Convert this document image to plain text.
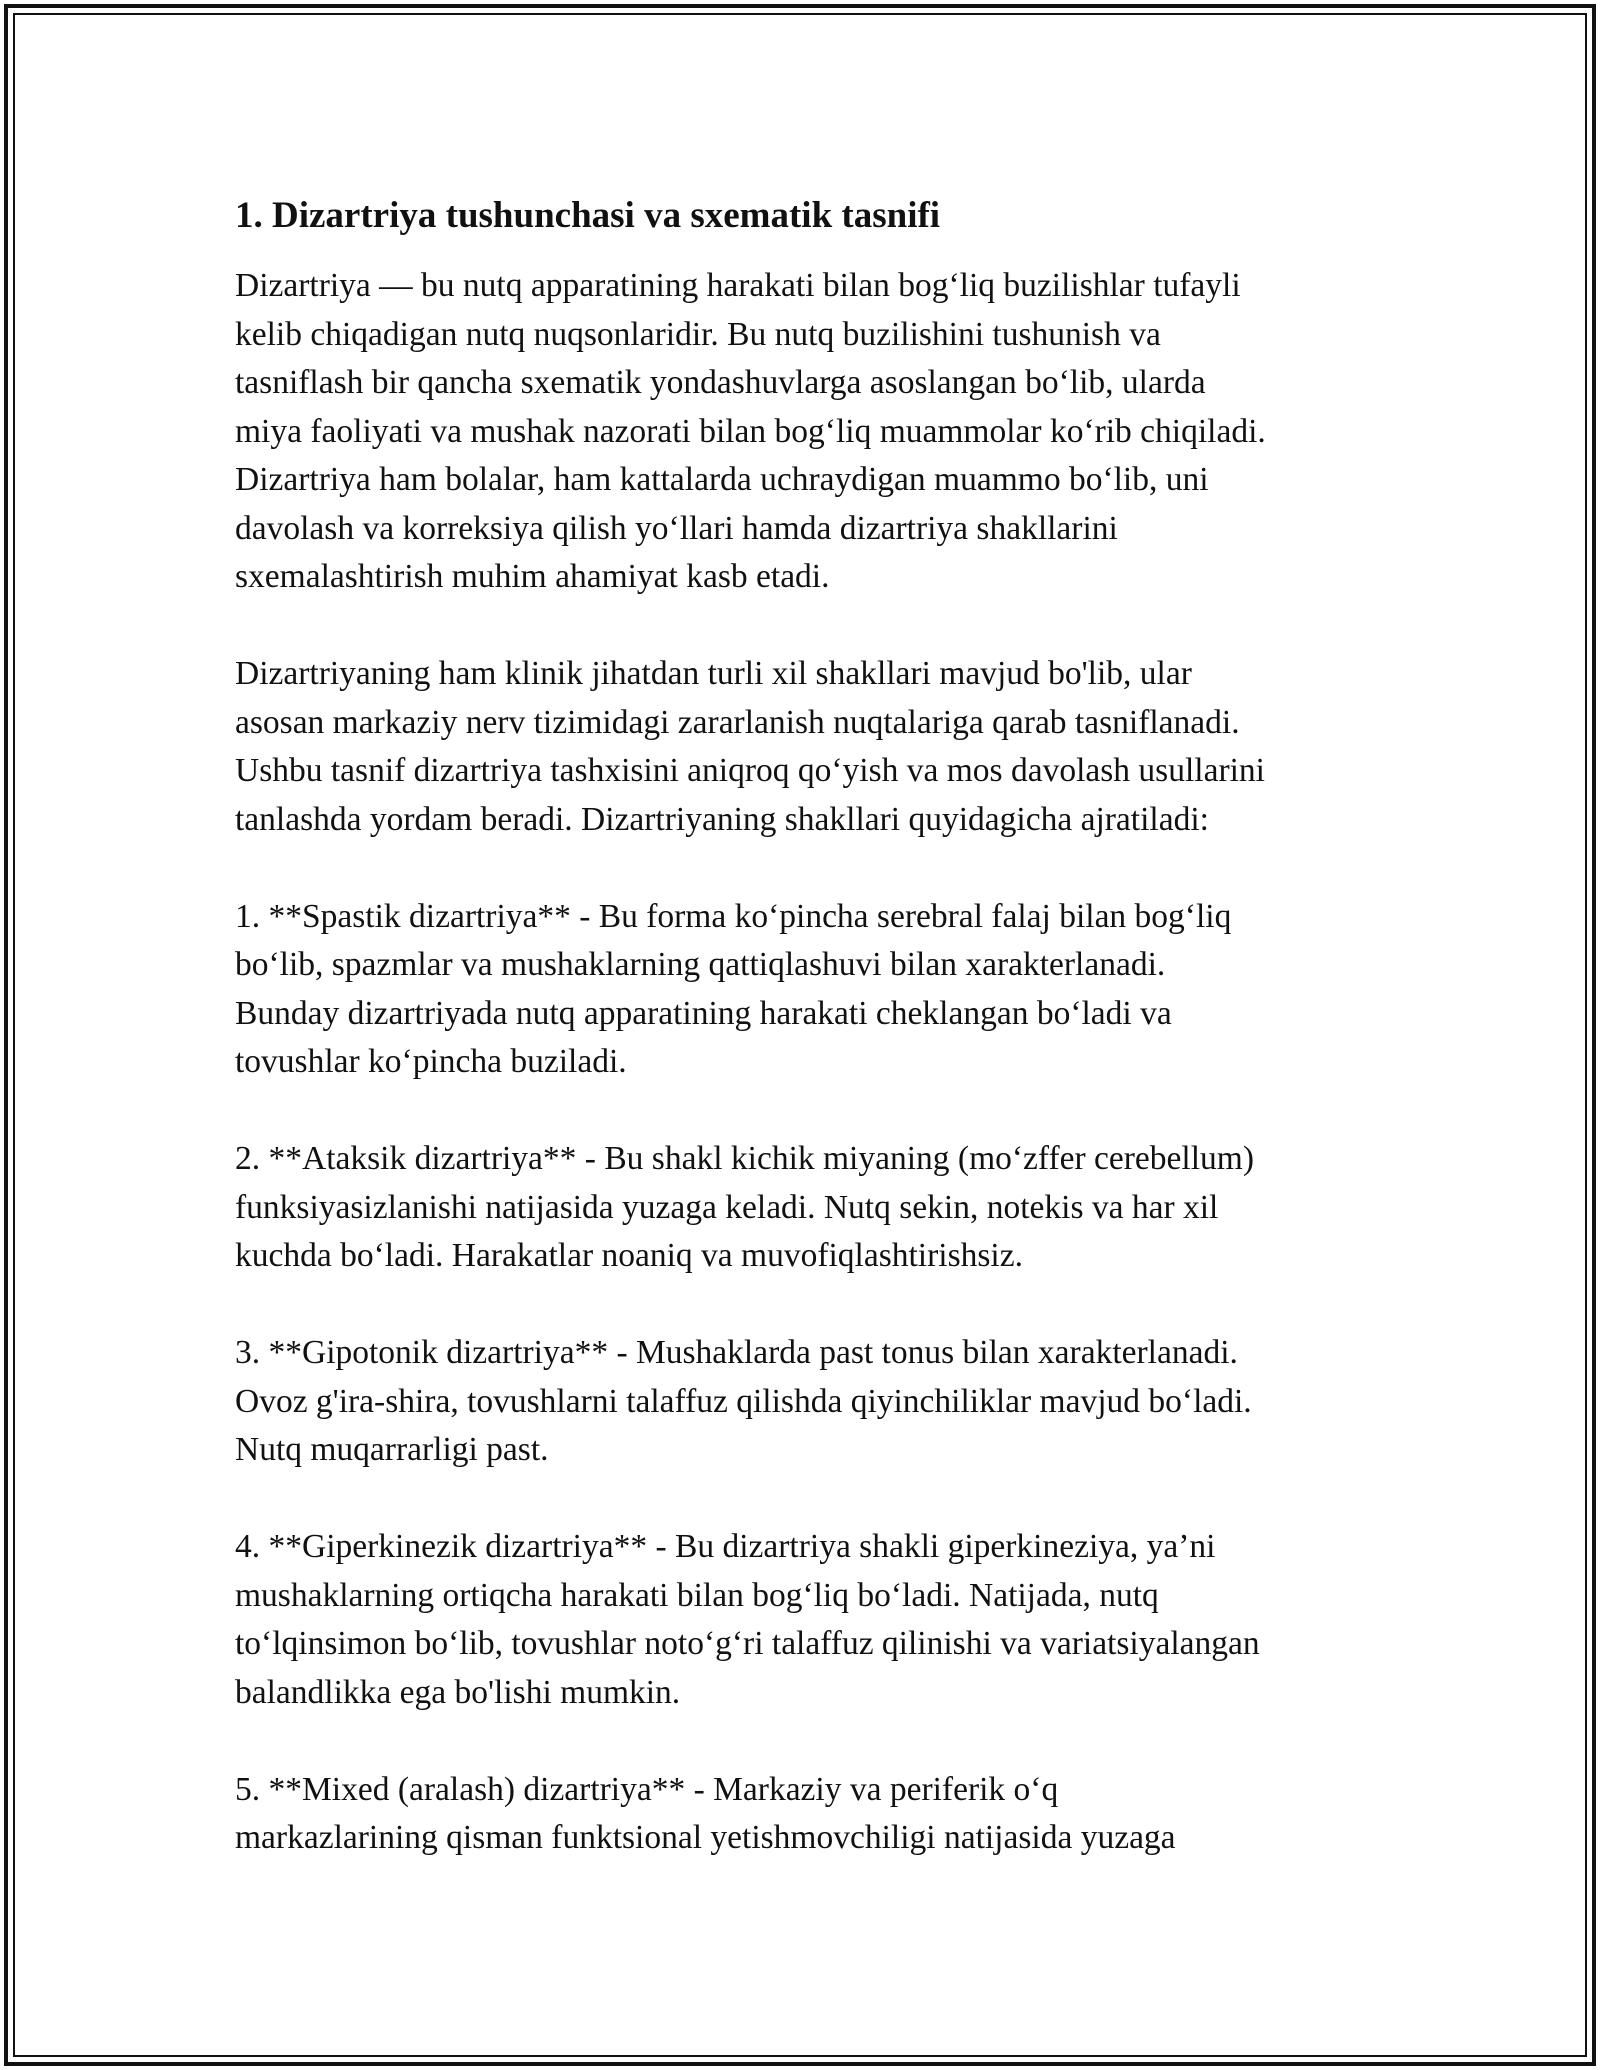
1. Dizartriya tushunchasi va sxematik tasnifi

Dizartriya — bu nutq apparatining harakati bilan bog‘liq buzilishlar tufayli
kelib chiqadigan nutq nuqsonlaridir. Bu nutq buzilishini tushunish va
tasniflash bir qancha sxematik yondashuvlarga asoslangan bo‘lib, ularda
miya faoliyati va mushak nazorati bilan bog‘liq muammolar ko‘rib chiqiladi.
Dizartriya ham bolalar, ham kattalarda uchraydigan muammo bo‘lib, uni
davolash va korreksiya qilish yo‘llari hamda dizartriya shakllarini
sxemalashtirish muhim ahamiyat kasb etadi.

Dizartriyaning ham klinik jihatdan turli xil shakllari mavjud bo'lib, ular
asosan markaziy nerv tizimidagi zararlanish nuqtalariga qarab tasniflanadi.
Ushbu tasnif dizartriya tashxisini aniqroq qo‘yish va mos davolash usullarini
tanlashda yordam beradi. Dizartriyaning shakllari quyidagicha ajratiladi:

1. **Spastik dizartriya** - Bu forma ko‘pincha serebral falaj bilan bog‘liq
bo‘lib, spazmlar va mushaklarning qattiqlashuvi bilan xarakterlanadi.
Bunday dizartriyada nutq apparatining harakati cheklangan bo‘ladi va
tovushlar ko‘pincha buziladi.

2. **Ataksik dizartriya** - Bu shakl kichik miyaning (mo‘zffer cerebellum)
funksiyasizlanishi natijasida yuzaga keladi. Nutq sekin, notekis va har xil
kuchda bo‘ladi. Harakatlar noaniq va muvofiqlashtirishsiz.

3. **Gipotonik dizartriya** - Mushaklarda past tonus bilan xarakterlanadi.
Ovoz g'ira-shira, tovushlarni talaffuz qilishda qiyinchiliklar mavjud bo‘ladi.
Nutq muqarrarligi past.

4. **Giperkinezik dizartriya** - Bu dizartriya shakli giperkineziya, ya’ni
mushaklarning ortiqcha harakati bilan bog‘liq bo‘ladi. Natijada, nutq
to‘lqinsimon bo‘lib, tovushlar noto‘g‘ri talaffuz qilinishi va variatsiyalangan
balandlikka ega bo'lishi mumkin.

5. **Mixed (aralash) dizartriya** - Markaziy va periferik o‘q
markazlarining qisman funktsional yetishmovchiligi natijasida yuzaga
